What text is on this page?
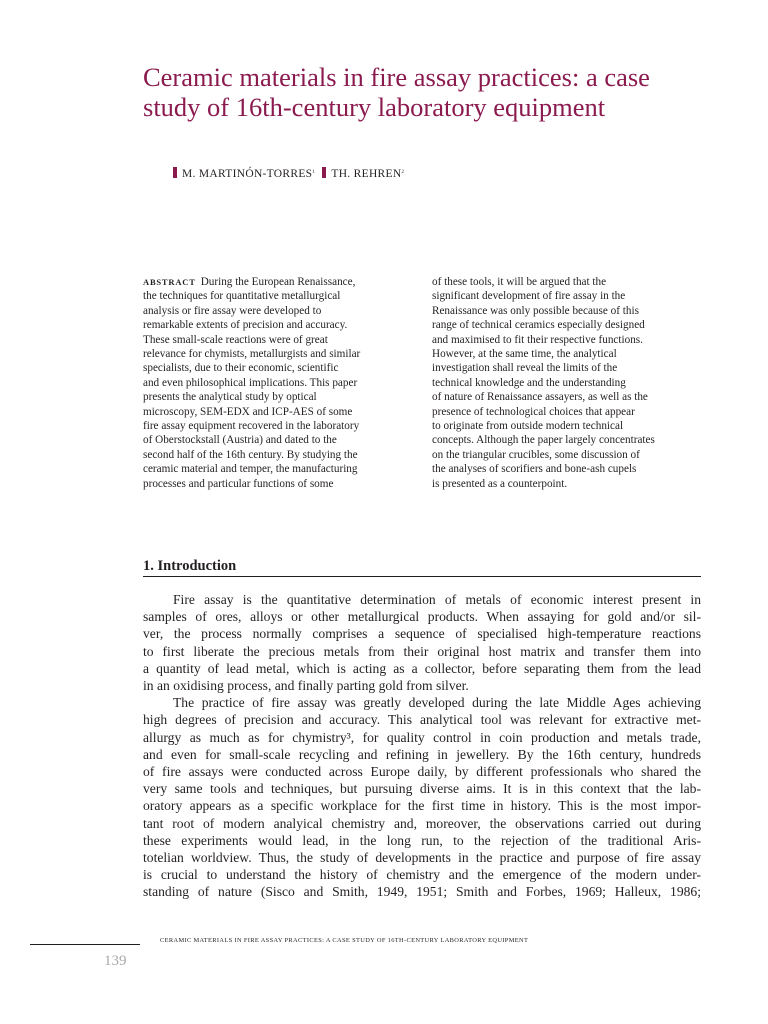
Ceramic materials in fire assay practices: a case study of 16th-century laboratory equipment
M. MARTINÓN-TORRES$^1$ TH. REHREN$^2$
ABSTRACT During the European Renaissance,
the techniques for quantitative metallurgical
analysis or fire assay were developed to
remarkable extents of precision and accuracy.
These small-scale reactions were of great
relevance for chymists, metallurgists and similar
specialists, due to their economic, scientific
and even philosophical implications. This paper
presents the analytical study by optical
microscopy, SEM-EDX and ICP-AES of some
fire assay equipment recovered in the laboratory
of Oberstockstall (Austria) and dated to the
second half of the 16th century. By studying the
ceramic material and temper, the manufacturing
processes and particular functions of some
of these tools, it will be argued that the
significant development of fire assay in the
Renaissance was only possible because of this
range of technical ceramics especially designed
and maximised to fit their respective functions.
However, at the same time, the analytical
investigation shall reveal the limits of the
technical knowledge and the understanding
of nature of Renaissance assayers, as well as the
presence of technological choices that appear
to originate from outside modern technical
concepts. Although the paper largely concentrates
on the triangular crucibles, some discussion of
the analyses of scorifiers and bone-ash cupels
is presented as a counterpoint.
1. Introduction
Fire assay is the quantitative determination of metals of economic interest present in
samples of ores, alloys or other metallurgical products. When assaying for gold and/or sil-
ver, the process normally comprises a sequence of specialised high-temperature reactions
to first liberate the precious metals from their original host matrix and transfer them into
a quantity of lead metal, which is acting as a collector, before separating them from the lead
in an oxidising process, and finally parting gold from silver.
The practice of fire assay was greatly developed during the late Middle Ages achieving
high degrees of precision and accuracy. This analytical tool was relevant for extractive met-
allurgy as much as for chymistry³, for quality control in coin production and metals trade,
and even for small-scale recycling and refining in jewellery. By the 16th century, hundreds
of fire assays were conducted across Europe daily, by different professionals who shared the
very same tools and techniques, but pursuing diverse aims. It is in this context that the lab-
oratory appears as a specific workplace for the first time in history. This is the most impor-
tant root of modern analyical chemistry and, moreover, the observations carried out during
these experiments would lead, in the long run, to the rejection of the traditional Aris-
totelian worldview. Thus, the study of developments in the practice and purpose of fire assay
is crucial to understand the history of chemistry and the emergence of the modern under-
standing of nature (Sisco and Smith, 1949, 1951; Smith and Forbes, 1969; Halleux, 1986;
CERAMIC MATERIALS IN FIRE ASSAY PRACTICES: A CASE STUDY OF 16TH-CENTURY LABORATORY EQUIPMENT
139
